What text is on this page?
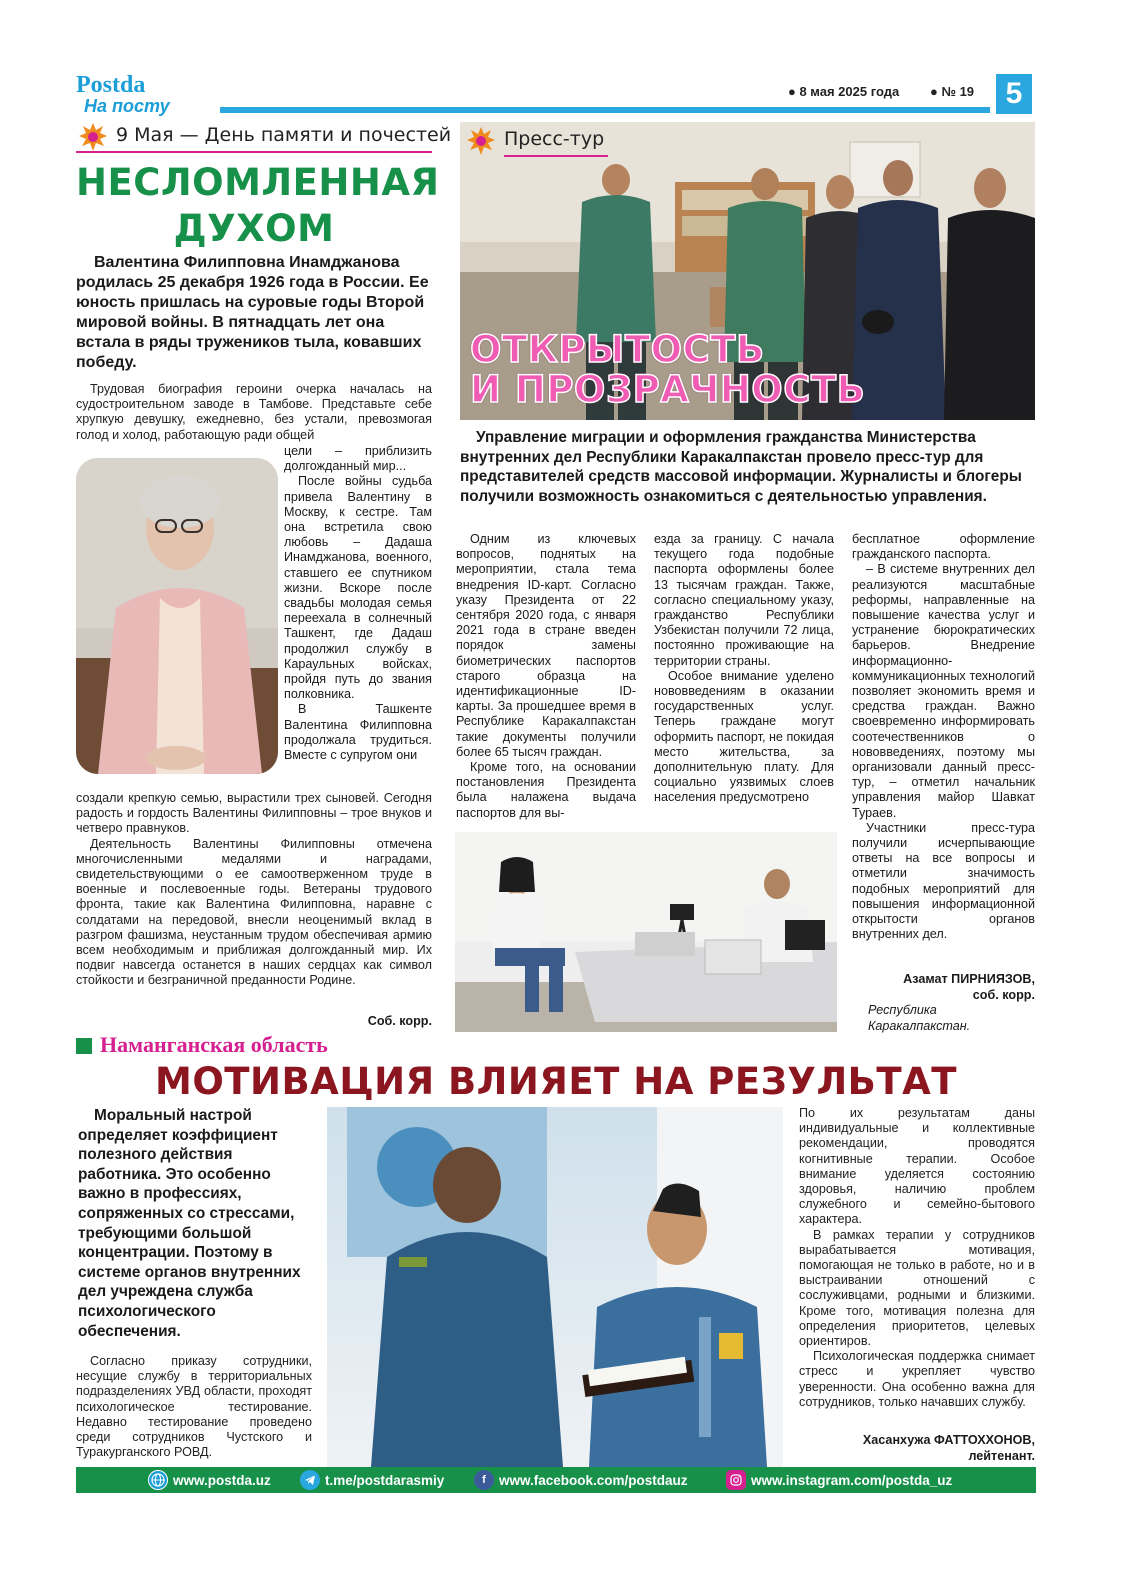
Postda
На посту
● 8 мая 2025 года ● № 19	5
9 Мая — День памяти и почестей
НЕСЛОМЛЕННАЯ
ДУХОМ
Валентина Филипповна Инамджанова родилась 25 декабря 1926 года в России. Ее юность пришлась на суровые годы Второй мировой войны. В пятнадцать лет она встала в ряды тружеников тыла, ковавших победу.
Трудовая биография героини очерка началась на судостроительном заводе в Тамбове. Представьте себе хрупкую девушку, ежедневно, без устали, превозмогая голод и холод, работающую ради общей

цели – приблизить долгожданный мир...

После войны судьба привела Валентину в Москву, к сестре. Там она встретила свою любовь – Дадаша Инамджанова, военного, ставшего ее спутником жизни. Вскоре после свадьбы молодая семья переехала в солнечный Ташкент, где Дадаш продолжил службу в Караульных войсках, пройдя путь до звания полковника.

В Ташкенте Валентина Филипповна продолжала трудиться. Вместе с супругом они

создали крепкую семью, вырастили трех сыновей. Сегодня радость и гордость Валентины Филипповны – трое внуков и четверо правнуков.

Деятельность Валентины Филипповны отмечена многочисленными медалями и наградами, свидетельствующими о ее самоотверженном труде в военные и послевоенные годы. Ветераны трудового фронта, такие как Валентина Филипповна, наравне с солдатами на передовой, внесли неоценимый вклад в разгром фашизма, неустанным трудом обеспечивая армию всем необходимым и приближая долгожданный мир. Их подвиг навсегда останется в наших сердцах как символ стойкости и безграничной преданности Родине.

Соб. корр.
Пресс-тур
ОТКРЫТОСТЬ
И ПРОЗРАЧНОСТЬ
Управление миграции и оформления гражданства Министерства внутренних дел Республики Каракалпакстан провело пресс-тур для представителей средств массовой информации. Журналисты и блогеры получили возможность ознакомиться с деятельностью управления.

Одним из ключевых вопросов, поднятых на мероприятии, стала тема внедрения ID-карт. Согласно указу Президента от 22 сентября 2020 года, с января 2021 года в стране введен порядок замены биометрических паспортов старого образца на идентификационные ID-карты. За прошедшее время в Республике Каракалпакстан такие документы получили более 65 тысяч граждан.

Кроме того, на основании постановления Президента была налажена выдача паспортов для вы-

езда за границу. С начала текущего года подобные паспорта оформлены более 13 тысячам граждан. Также, согласно специальному указу, гражданство Республики Узбекистан получили 72 лица, постоянно проживающие на территории страны.

Особое внимание уделено нововведениям в оказании государственных услуг. Теперь граждане могут оформить паспорт, не покидая место жительства, за дополнительную плату. Для социально уязвимых слоев населения предусмотрено

бесплатное оформление гражданского паспорта.

– В системе внутренних дел реализуются масштабные реформы, направленные на повышение качества услуг и устранение бюрократических барьеров. Внедрение информационно-коммуникационных технологий позволяет экономить время и средства граждан. Важно своевременно информировать соотечественников о нововведениях, поэтому мы организовали данный пресс-тур, – отметил начальник управления майор Шавкат Тураев.

Участники пресс-тура получили исчерпывающие ответы на все вопросы и отметили значимость подобных мероприятий для повышения информационной открытости органов внутренних дел.

Азамат ПИРНИЯЗОВ,
соб. корр.
Республика
Каракалпакстан.
Наманганская область
МОТИВАЦИЯ ВЛИЯЕТ НА РЕЗУЛЬТАТ
Моральный настрой определяет коэффициент полезного действия работника. Это особенно важно в профессиях, сопряженных со стрессами, требующими большой концентрации. Поэтому в системе органов внутренних дел учреждена служба психологического обеспечения.

Согласно приказу сотрудники, несущие службу в территориальных подразделениях УВД области, проходят психологическое тестирование. Недавно тестирование проведено среди сотрудников Чустского и Туракурганского РОВД.

По их результатам даны индивидуальные и коллективные рекомендации, проводятся когнитивные терапии. Особое внимание уделяется состоянию здоровья, наличию проблем служебного и семейно-бытового характера.

В рамках терапии у сотрудников вырабатывается мотивация, помогающая не только в работе, но и в выстраивании отношений с сослуживцами, родными и близкими. Кроме того, мотивация полезна для определения приоритетов, целевых ориентиров.

Психологическая поддержка снимает стресс и укрепляет чувство уверенности. Она особенно важна для сотрудников, только начавших службу.

Хасанхужа ФАТТОХХОНОВ,
лейтенант.
www.postda.uz	t.me/postdarasmiy	f www.facebook.com/postdauz	www.instagram.com/postda_uz
